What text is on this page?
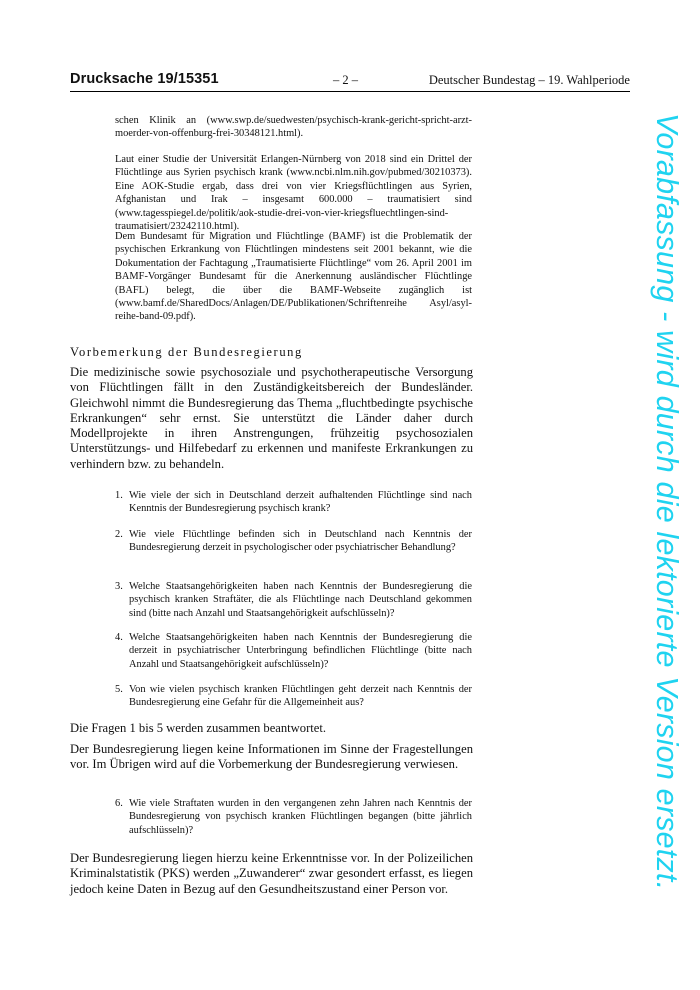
Drucksache 19/15351	– 2 –	Deutscher Bundestag – 19. Wahlperiode
Vorabfassung - wird durch die lektorierte Version ersetzt.

schen Klinik an (www.swp.de/suedwesten/psychisch-krank-gericht-spricht-arzt-moerder-von-offenburg-frei-30348121.html).

Laut einer Studie der Universität Erlangen-Nürnberg von 2018 sind ein Drittel der Flüchtlinge aus Syrien psychisch krank (www.ncbi.nlm.nih.gov/pubmed/30210373). Eine AOK-Studie ergab, dass drei von vier Kriegsflüchtlingen aus Syrien, Afghanistan und Irak – insgesamt 600.000 – traumatisiert sind (www.tagesspiegel.de/politik/aok-studie-drei-von-vier-kriegsfluechtlingen-sind-traumatisiert/23242110.html).

Dem Bundesamt für Migration und Flüchtlinge (BAMF) ist die Problematik der psychischen Erkrankung von Flüchtlingen mindestens seit 2001 bekannt, wie die Dokumentation der Fachtagung „Traumatisierte Flüchtlinge“ vom 26. April 2001 im BAMF-Vorgänger Bundesamt für die Anerkennung ausländischer Flüchtlinge (BAFL) belegt, die über die BAMF-Webseite zugänglich ist (www.bamf.de/SharedDocs/Anlagen/DE/Publikationen/Schriftenreihe Asyl/asyl-reihe-band-09.pdf).

Vorbemerkung der Bundesregierung

Die medizinische sowie psychosoziale und psychotherapeutische Versorgung von Flüchtlingen fällt in den Zuständigkeitsbereich der Bundesländer. Gleichwohl nimmt die Bundesregierung das Thema „fluchtbedingte psychische Erkrankungen“ sehr ernst. Sie unterstützt die Länder daher durch Modellprojekte in ihren Anstrengungen, frühzeitig psychosozialen Unterstützungs- und Hilfebedarf zu erkennen und manifeste Erkrankungen zu verhindern bzw. zu behandeln.

1. Wie viele der sich in Deutschland derzeit aufhaltenden Flüchtlinge sind nach Kenntnis der Bundesregierung psychisch krank?
2. Wie viele Flüchtlinge befinden sich in Deutschland nach Kenntnis der Bundesregierung derzeit in psychologischer oder psychiatrischer Behandlung?
3. Welche Staatsangehörigkeiten haben nach Kenntnis der Bundesregierung die psychisch kranken Straftäter, die als Flüchtlinge nach Deutschland gekommen sind (bitte nach Anzahl und Staatsangehörigkeit aufschlüsseln)?
4. Welche Staatsangehörigkeiten haben nach Kenntnis der Bundesregierung die derzeit in psychiatrischer Unterbringung befindlichen Flüchtlinge (bitte nach Anzahl und Staatsangehörigkeit aufschlüsseln)?
5. Von wie vielen psychisch kranken Flüchtlingen geht derzeit nach Kenntnis der Bundesregierung eine Gefahr für die Allgemeinheit aus?

Die Fragen 1 bis 5 werden zusammen beantwortet.

Der Bundesregierung liegen keine Informationen im Sinne der Fragestellungen vor. Im Übrigen wird auf die Vorbemerkung der Bundesregierung verwiesen.

6. Wie viele Straftaten wurden in den vergangenen zehn Jahren nach Kenntnis der Bundesregierung von psychisch kranken Flüchtlingen begangen (bitte jährlich aufschlüsseln)?

Der Bundesregierung liegen hierzu keine Erkenntnisse vor. In der Polizeilichen Kriminalstatistik (PKS) werden „Zuwanderer“ zwar gesondert erfasst, es liegen jedoch keine Daten in Bezug auf den Gesundheitszustand einer Person vor.
